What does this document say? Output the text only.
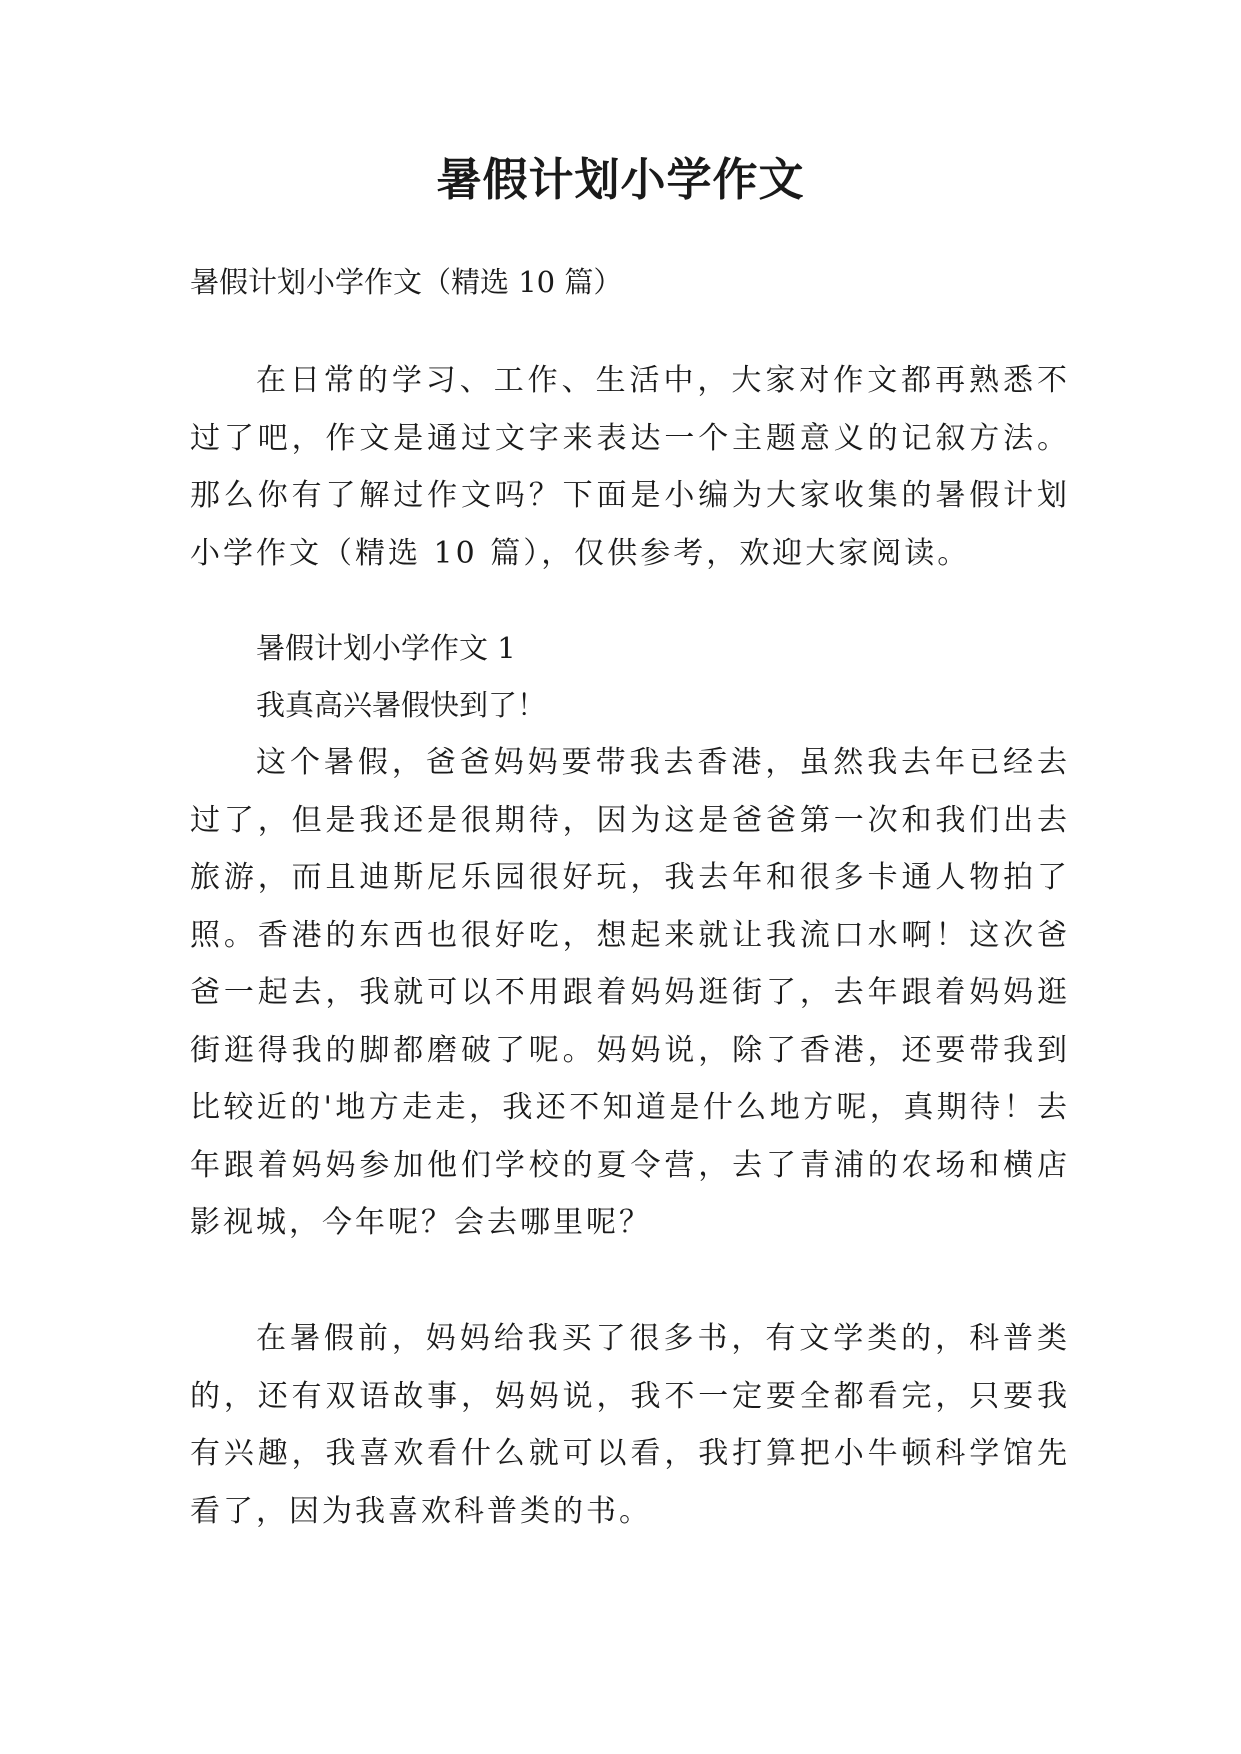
暑假计划小学作文

暑假计划小学作文（精选 10 篇）

在日常的学习、工作、生活中，大家对作文都再熟悉不过了吧，作文是通过文字来表达一个主题意义的记叙方法。那么你有了解过作文吗？下面是小编为大家收集的暑假计划小学作文（精选 10 篇），仅供参考，欢迎大家阅读。

暑假计划小学作文 1

我真高兴暑假快到了！

这个暑假，爸爸妈妈要带我去香港，虽然我去年已经去过了，但是我还是很期待，因为这是爸爸第一次和我们出去旅游，而且迪斯尼乐园很好玩，我去年和很多卡通人物拍了照。香港的东西也很好吃，想起来就让我流口水啊！这次爸爸一起去，我就可以不用跟着妈妈逛街了，去年跟着妈妈逛街逛得我的脚都磨破了呢。妈妈说，除了香港，还要带我到比较近的'地方走走，我还不知道是什么地方呢，真期待！去年跟着妈妈参加他们学校的夏令营，去了青浦的农场和横店影视城，今年呢？会去哪里呢？

在暑假前，妈妈给我买了很多书，有文学类的，科普类的，还有双语故事，妈妈说，我不一定要全都看完，只要我有兴趣，我喜欢看什么就可以看，我打算把小牛顿科学馆先看了，因为我喜欢科普类的书。
